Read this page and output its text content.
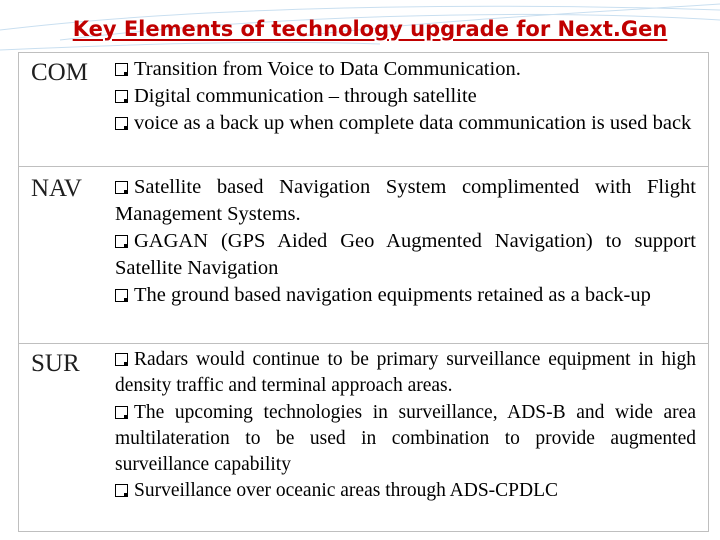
Key Elements of technology upgrade for Next.Gen
COM	Transition from Voice to Data Communication.
Digital communication – through satellite
voice as a back up when complete data communication is used back
NAV	Satellite based Navigation System complimented with Flight Management Systems.
GAGAN (GPS Aided Geo Augmented Navigation) to support Satellite Navigation
The ground based navigation equipments retained as a back-up
SUR	Radars would continue to be primary surveillance equipment in high density traffic and terminal approach areas.
The upcoming technologies in surveillance, ADS-B and wide area multilateration to be used in combination to provide augmented surveillance capability
Surveillance over oceanic areas through ADS-CPDLC
